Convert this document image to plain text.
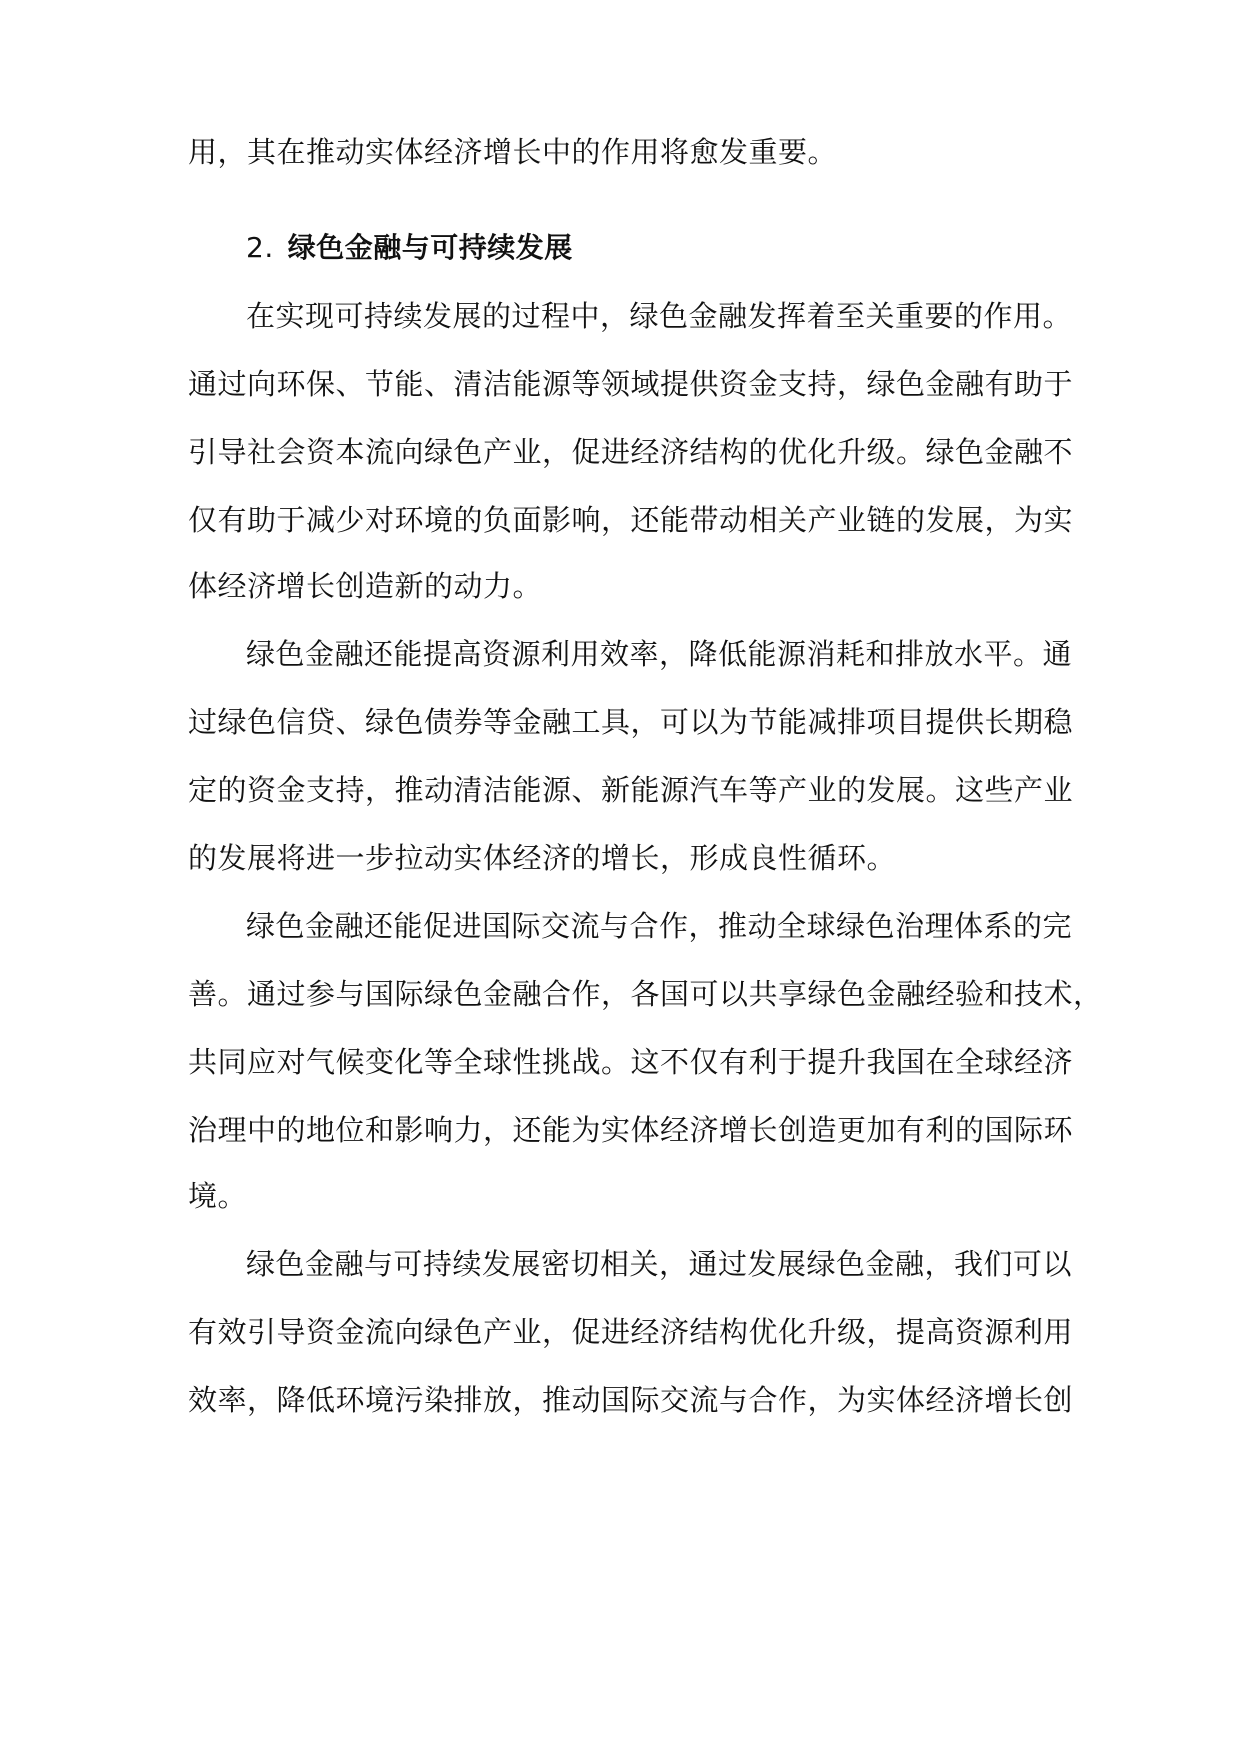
用，其在推动实体经济增长中的作用将愈发重要。
2. 绿色金融与可持续发展
在实现可持续发展的过程中，绿色金融发挥着至关重要的作用。
通过向环保、节能、清洁能源等领域提供资金支持，绿色金融有助于
引导社会资本流向绿色产业，促进经济结构的优化升级。绿色金融不
仅有助于减少对环境的负面影响，还能带动相关产业链的发展，为实
体经济增长创造新的动力。
绿色金融还能提高资源利用效率，降低能源消耗和排放水平。通
过绿色信贷、绿色债券等金融工具，可以为节能减排项目提供长期稳
定的资金支持，推动清洁能源、新能源汽车等产业的发展。这些产业
的发展将进一步拉动实体经济的增长，形成良性循环。
绿色金融还能促进国际交流与合作，推动全球绿色治理体系的完
善。通过参与国际绿色金融合作，各国可以共享绿色金融经验和技术，
共同应对气候变化等全球性挑战。这不仅有利于提升我国在全球经济
治理中的地位和影响力，还能为实体经济增长创造更加有利的国际环
境。
绿色金融与可持续发展密切相关，通过发展绿色金融，我们可以
有效引导资金流向绿色产业，促进经济结构优化升级，提高资源利用
效率，降低环境污染排放，推动国际交流与合作，为实体经济增长创
